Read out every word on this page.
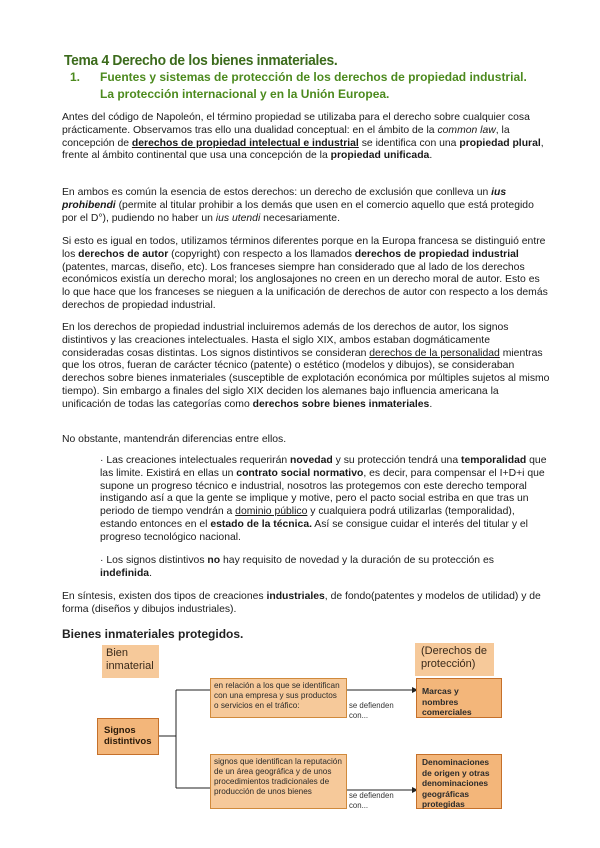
Tema 4 Derecho de los bienes inmateriales.
1. Fuentes y sistemas de protección de los derechos de propiedad industrial.
La protección internacional y en la Unión Europea.

Antes del código de Napoleón, el término propiedad se utilizaba para el derecho sobre cualquier cosa prácticamente. Observamos tras ello una dualidad conceptual: en el ámbito de la common law, la concepción de derechos de propiedad intelectual e industrial se identifica con una propiedad plural, frente al ámbito continental que usa una concepción de la propiedad unificada.

En ambos es común la esencia de estos derechos: un derecho de exclusión que conlleva un ius prohibendi (permite al titular prohibir a los demás que usen en el comercio aquello que está protegido por el D°), pudiendo no haber un ius utendi necesariamente.

Si esto es igual en todos, utilizamos términos diferentes porque en la Europa francesa se distinguió entre los derechos de autor (copyright) con respecto a los llamados derechos de propiedad industrial (patentes, marcas, diseño, etc). Los franceses siempre han considerado que al lado de los derechos económicos existía un derecho moral; los anglosajones no creen en un derecho moral de autor. Esto es lo que hace que los franceses se nieguen a la unificación de derechos de autor con respecto a los demás derechos de propiedad industrial.

En los derechos de propiedad industrial incluiremos además de los derechos de autor, los signos distintivos y las creaciones intelectuales. Hasta el siglo XIX, ambos estaban dogmáticamente consideradas cosas distintas. Los signos distintivos se consideran derechos de la personalidad mientras que los otros, fueran de carácter técnico (patente) o estético (modelos y dibujos), se consideraban derechos sobre bienes inmateriales (susceptible de explotación económica por múltiples sujetos al mismo tiempo). Sin embargo a finales del siglo XIX deciden los alemanes bajo influencia americana la unificación de todas las categorías como derechos sobre bienes inmateriales.

No obstante, mantendrán diferencias entre ellos.
· Las creaciones intelectuales requerirán novedad y su protección tendrá una temporalidad que las limite. Existirá en ellas un contrato social normativo, es decir, para compensar el I+D+i que supone un progreso técnico e industrial, nosotros las protegemos con este derecho temporal instigando así a que la gente se implique y motive, pero el pacto social estriba en que tras un periodo de tiempo vendrán a dominio público y cualquiera podrá utilizarlas (temporalidad), estando entonces en el estado de la técnica. Así se consigue cuidar el interés del titular y el progreso tecnológico nacional.
· Los signos distintivos no hay requisito de novedad y la duración de su protección es indefinida.

En síntesis, existen dos tipos de creaciones industriales, de fondo(patentes y modelos de utilidad) y de forma (diseños y dibujos industriales).

Bienes inmateriales protegidos.
Bien inmaterial
(Derechos de protección)
Signos distintivos
en relación a los que se identifican con una empresa y sus productos o servicios en el tráfico:	se defienden con...
Marcas y nombres comerciales
signos que identifican la reputación de un área geográfica y de unos procedimientos tradicionales de producción de unos bienes	se defienden con...
Denominaciones de origen y otras denominaciones geográficas protegidas
